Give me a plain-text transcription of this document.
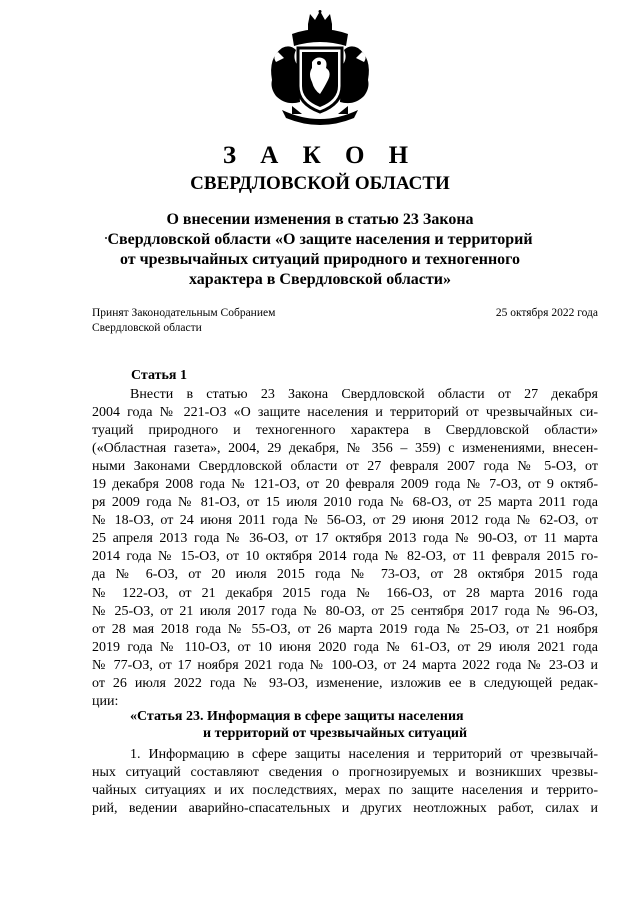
З А К О Н
СВЕРДЛОВСКОЙ ОБЛАСТИ
О внесении изменения в статью 23 Закона
Свердловской области «О защите населения и территорий
от чрезвычайных ситуаций природного и техногенного
характера в Свердловской области»
Принят Законодательным Собранием
Свердловской области
25 октября 2022 года
Статья 1
Внести в статью 23 Закона Свердловской области от 27 декабря
2004 года № 221-ОЗ «О защите населения и территорий от чрезвычайных си-
туаций природного и техногенного характера в Свердловской области»
(«Областная газета», 2004, 29 декабря, № 356 – 359) с изменениями, внесен-
ными Законами Свердловской области от 27 февраля 2007 года № 5-ОЗ, от
19 декабря 2008 года № 121-ОЗ, от 20 февраля 2009 года № 7-ОЗ, от 9 октяб-
ря 2009 года № 81-ОЗ, от 15 июля 2010 года № 68-ОЗ, от 25 марта 2011 года
№ 18-ОЗ, от 24 июня 2011 года № 56-ОЗ, от 29 июня 2012 года № 62-ОЗ, от
25 апреля 2013 года № 36-ОЗ, от 17 октября 2013 года № 90-ОЗ, от 11 марта
2014 года № 15-ОЗ, от 10 октября 2014 года № 82-ОЗ, от 11 февраля 2015 го-
да № 6-ОЗ, от 20 июля 2015 года № 73-ОЗ, от 28 октября 2015 года
№ 122-ОЗ, от 21 декабря 2015 года № 166-ОЗ, от 28 марта 2016 года
№ 25-ОЗ, от 21 июля 2017 года № 80-ОЗ, от 25 сентября 2017 года № 96-ОЗ,
от 28 мая 2018 года № 55-ОЗ, от 26 марта 2019 года № 25-ОЗ, от 21 ноября
2019 года № 110-ОЗ, от 10 июня 2020 года № 61-ОЗ, от 29 июля 2021 года
№ 77-ОЗ, от 17 ноября 2021 года № 100-ОЗ, от 24 марта 2022 года № 23-ОЗ и
от 26 июля 2022 года № 93-ОЗ, изменение, изложив ее в следующей редак-
ции:
«Статья 23. Информация в сфере защиты населения
и территорий от чрезвычайных ситуаций
1. Информацию в сфере защиты населения и территорий от чрезвычай-
ных ситуаций составляют сведения о прогнозируемых и возникших чрезвы-
чайных ситуациях и их последствиях, мерах по защите населения и террито-
рий, ведении аварийно-спасательных и других неотложных работ, силах и
